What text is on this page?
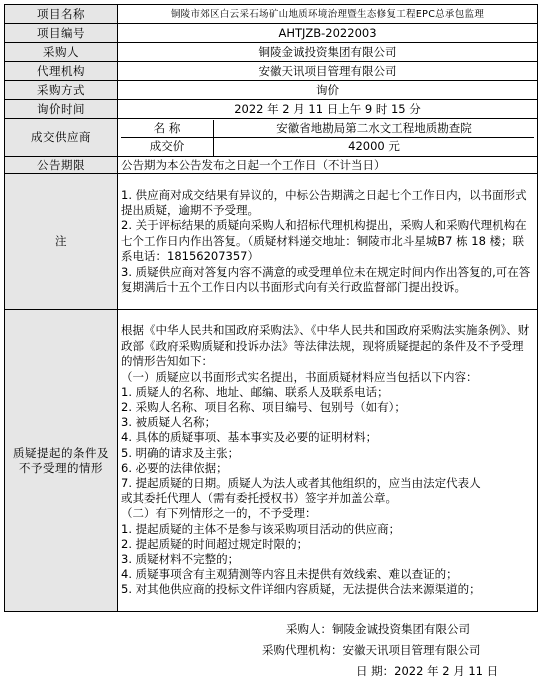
项目名称	铜陵市郊区白云采石场矿山地质环境治理暨生态修复工程EPC总承包监理
项目编号	AHTJZB-2022003
采购人	铜陵金诚投资集团有限公司
代理机构	安徽天讯项目管理有限公司
采购方式	询价
询价时间	2022 年 2 月 11 日上午 9 时 15 分
成交供应商	
名 称	安徽省地勘局第二水文工程地质勘查院
成交价	42000 元

公告期限	公告期为本公告发布之日起一个工作日（不计当日）
注	
1. 供应商对成交结果有异议的，中标公告期满之日起七个工作日内，以书面形式提出质疑，逾期不予受理。
2. 关于评标结果的质疑向采购人和招标代理机构提出，采购人和采购代理机构在七个工作日内作出答复。（质疑材料递交地址：铜陵市北斗星城B7 栋 18 楼；联系电话：18156207357）
3. 质疑供应商对答复内容不满意的或受理单位未在规定时间内作出答复的,可在答复期满后十五个工作日内以书面形式向有关行政监督部门提出投诉。

质疑提起的条件及不予受理的情形	
根据《中华人民共和国政府采购法》、《中华人民共和国政府采购法实施条例》、财政部《政府采购质疑和投诉办法》等法律法规，现将质疑提起的条件及不予受理的情形告知如下：
（一）质疑应以书面形式实名提出，书面质疑材料应当包括以下内容：
1. 质疑人的名称、地址、邮编、联系人及联系电话；
2. 采购人名称、项目名称、项目编号、包别号（如有）；
3. 被质疑人名称；
4. 具体的质疑事项、基本事实及必要的证明材料；
5. 明确的请求及主张；
6. 必要的法律依据；
7. 提起质疑的日期。质疑人为法人或者其他组织的，应当由法定代表人
或其委托代理人（需有委托授权书）签字并加盖公章。
（二）有下列情形之一的，不予受理：
1. 提起质疑的主体不是参与该采购项目活动的供应商；
2. 提起质疑的时间超过规定时限的；
3. 质疑材料不完整的；
4. 质疑事项含有主观猜测等内容且未提供有效线索、难以查证的；
5. 对其他供应商的投标文件详细内容质疑，无法提供合法来源渠道的；
采购人：铜陵金诚投资集团有限公司
采购代理机构：安徽天讯项目管理有限公司
日 期：2022 年 2 月 11 日
